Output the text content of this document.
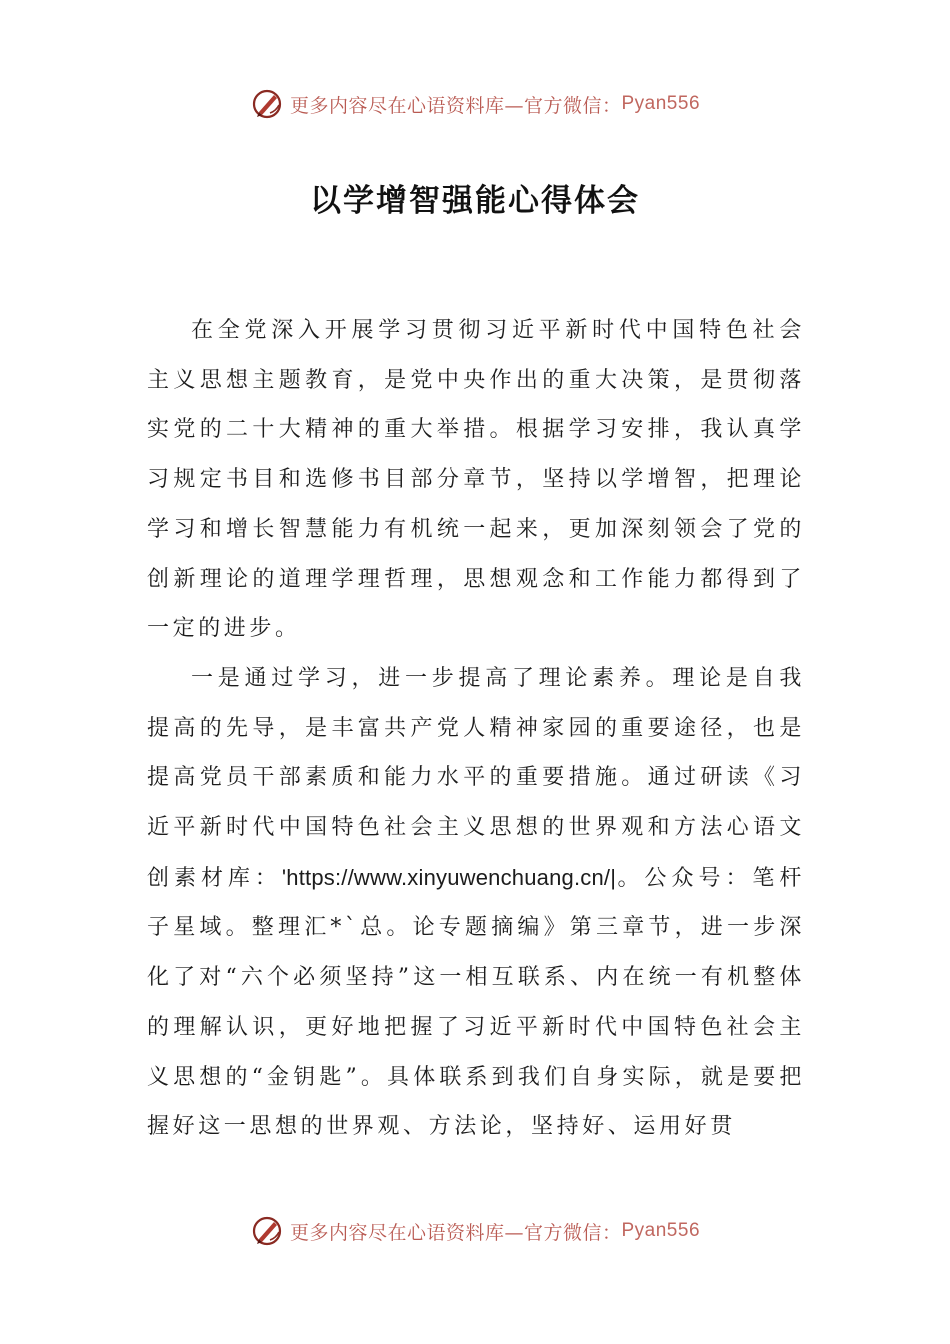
更多内容尽在心语资料库—官方微信： Pyan556
以学增智强能心得体会

在全党深入开展学习贯彻习近平新时代中国特色社会主义思想主题教育，是党中央作出的重大决策，是贯彻落实党的二十大精神的重大举措。根据学习安排，我认真学习规定书目和选修书目部分章节，坚持以学增智，把理论学习和增长智慧能力有机统一起来，更加深刻领会了党的创新理论的道理学理哲理，思想观念和工作能力都得到了一定的进步。

一是通过学习，进一步提高了理论素养。理论是自我提高的先导，是丰富共产党人精神家园的重要途径，也是提高党员干部素质和能力水平的重要措施。通过研读《习近平新时代中国特色社会主义思想的世界观和方法心语文创素材库：'https://www.xinyuwenchuang.cn/|。公众号：笔杆子星域。整理汇*`总。论专题摘编》第三章节，进一步深化了对“六个必须坚持”这一相互联系、内在统一有机整体的理解认识，更好地把握了习近平新时代中国特色社会主义思想的“金钥匙”。具体联系到我们自身实际，就是要把握好这一思想的世界观、方法论，坚持好、运用好贯

更多内容尽在心语资料库—官方微信： Pyan556
